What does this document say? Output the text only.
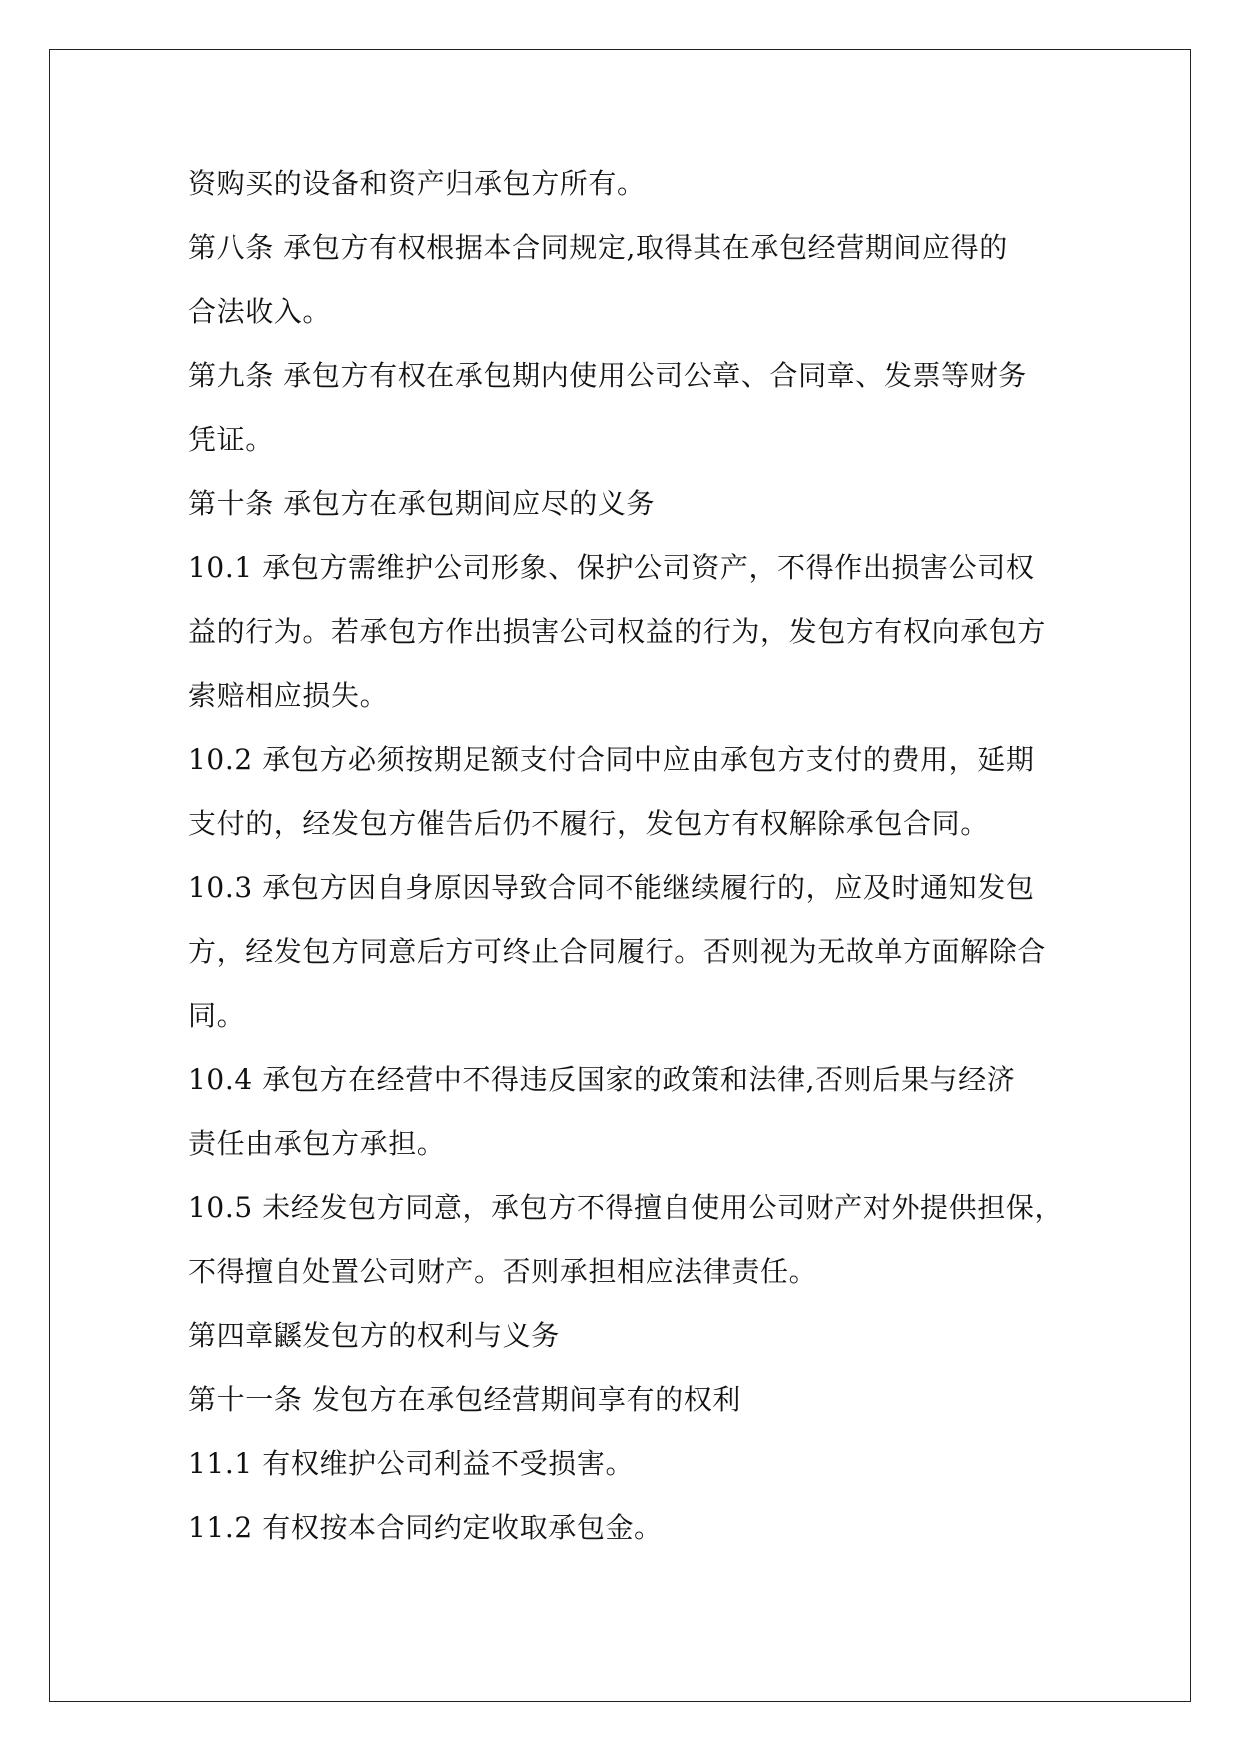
资购买的设备和资产归承包方所有。
第八条 承包方有权根据本合同规定,取得其在承包经营期间应得的
合法收入。
第九条 承包方有权在承包期内使用公司公章、合同章、发票等财务
凭证。
第十条 承包方在承包期间应尽的义务
10.1 承包方需维护公司形象、保护公司资产，不得作出损害公司权
益的行为。若承包方作出损害公司权益的行为，发包方有权向承包方
索赔相应损失。
10.2 承包方必须按期足额支付合同中应由承包方支付的费用，延期
支付的，经发包方催告后仍不履行，发包方有权解除承包合同。
10.3 承包方因自身原因导致合同不能继续履行的，应及时通知发包
方，经发包方同意后方可终止合同履行。否则视为无故单方面解除合
同。
10.4 承包方在经营中不得违反国家的政策和法律,否则后果与经济
责任由承包方承担。
10.5 未经发包方同意，承包方不得擅自使用公司财产对外提供担保，
不得擅自处置公司财产。否则承担相应法律责任。
第四章鼷发包方的权利与义务
第十一条 发包方在承包经营期间享有的权利
11.1 有权维护公司利益不受损害。
11.2 有权按本合同约定收取承包金。
